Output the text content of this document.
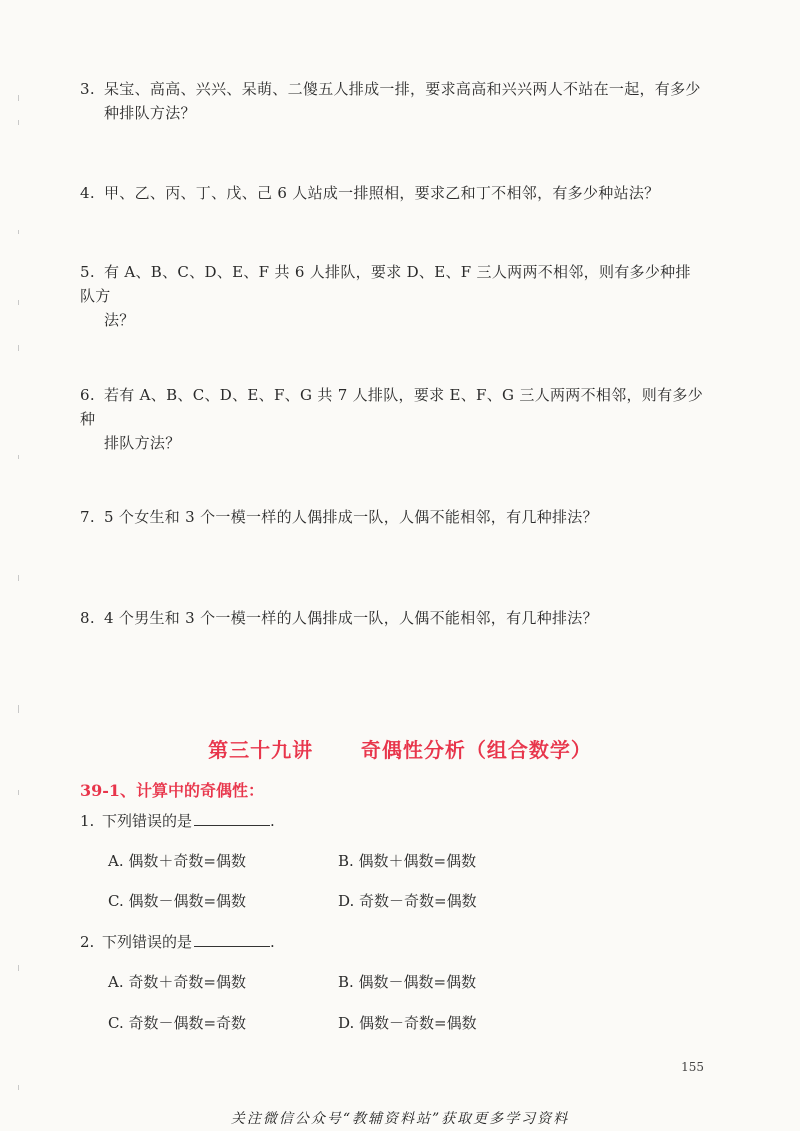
3. 呆宝、高高、兴兴、呆萌、二傻五人排成一排，要求高高和兴兴两人不站在一起，有多少
种排队方法？
4. 甲、乙、丙、丁、戊、己 6 人站成一排照相，要求乙和丁不相邻，有多少种站法？
5. 有 A、B、C、D、E、F 共 6 人排队，要求 D、E、F 三人两两不相邻，则有多少种排队方
法？
6. 若有 A、B、C、D、E、F、G 共 7 人排队，要求 E、F、G 三人两两不相邻，则有多少种
排队方法？
7. 5 个女生和 3 个一模一样的人偶排成一队，人偶不能相邻，有几种排法？
8. 4 个男生和 3 个一模一样的人偶排成一队，人偶不能相邻，有几种排法？
第三十九讲 奇偶性分析（组合数学）
39-1、计算中的奇偶性：
1. 下列错误的是	.
A. 偶数＋奇数=偶数	B. 偶数＋偶数=偶数
C. 偶数－偶数=偶数	D. 奇数－奇数=偶数
2. 下列错误的是	.
A. 奇数＋奇数=偶数	B. 偶数－偶数=偶数
C. 奇数－偶数=奇数	D. 偶数－奇数=偶数
155
关注微信公众号“教辅资料站”获取更多学习资料
